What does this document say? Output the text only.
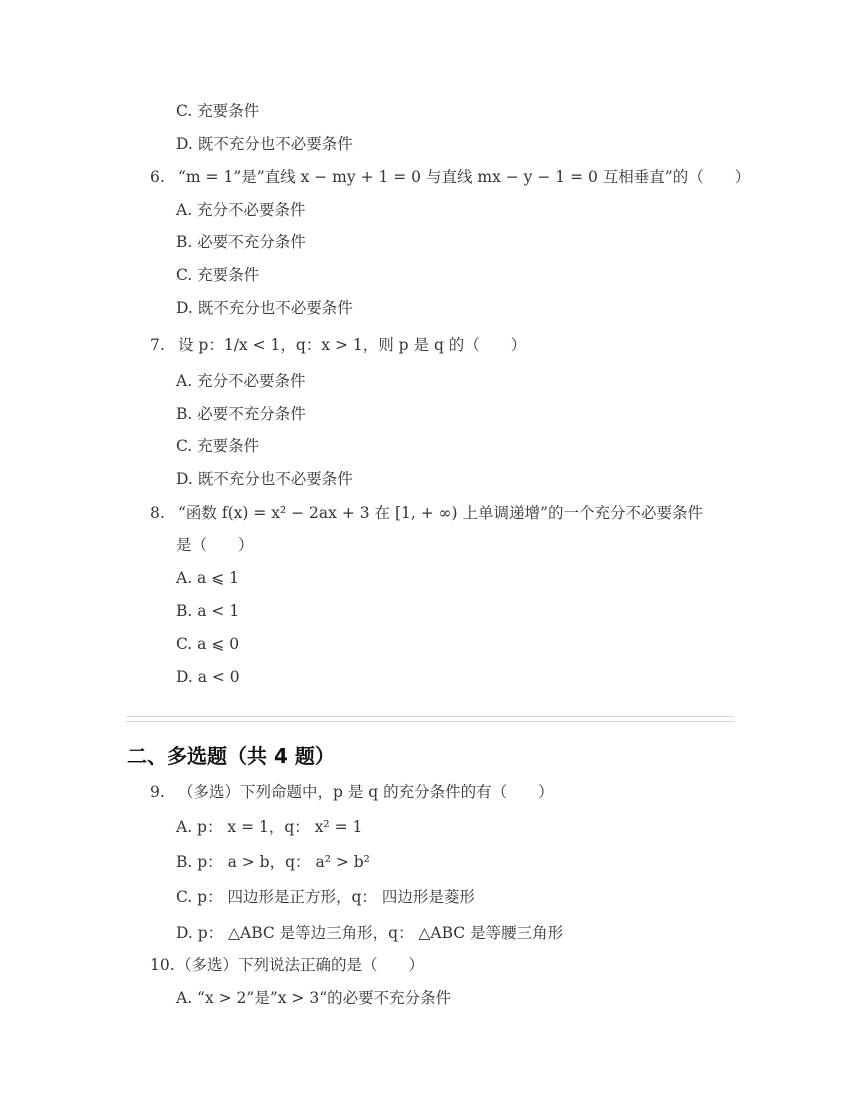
C. 充要条件
D. 既不充分也不必要条件
6. “m = 1”是”直线 x − my + 1 = 0 与直线 mx − y − 1 = 0 互相垂直”的（　　）
A. 充分不必要条件
B. 必要不充分条件
C. 充要条件
D. 既不充分也不必要条件
7. 设 p：1/x < 1，q：x > 1，则 p 是 q 的（　　）
A. 充分不必要条件
B. 必要不充分条件
C. 充要条件
D. 既不充分也不必要条件
8. “函数 f(x) = x² − 2ax + 3 在 [1, + ∞) 上单调递增”的一个充分不必要条件
是（　　）
A. a ⩽ 1
B. a < 1
C. a ⩽ 0
D. a < 0
二、多选题（共 4 题）
9. （多选）下列命题中，p 是 q 的充分条件的有（　　）
A. p： x = 1，q： x² = 1
B. p： a > b，q： a² > b²
C. p： 四边形是正方形，q： 四边形是菱形
D. p： △ABC 是等边三角形，q： △ABC 是等腰三角形
10. （多选）下列说法正确的是（　　）
A. “x > 2”是”x > 3“的必要不充分条件
